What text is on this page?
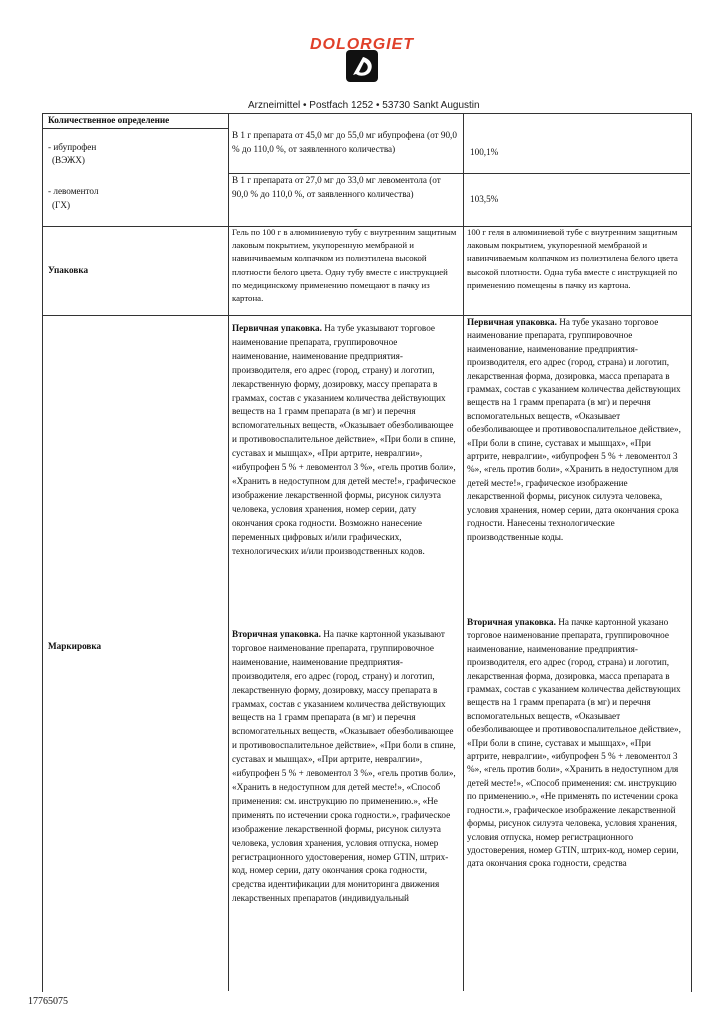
DOLORGIET
Arzneimittel • Postfach 1252 • 53730 Sankt Augustin
Количественное определение
- ибупрофен
(ВЭЖХ)
В 1 г препарата от 45,0 мг до 55,0 мг ибупрофена (от 90,0 % до 110,0 %, от заявленного количества)	100,1%
- левоментол
(ГХ)
В 1 г препарата от 27,0 мг до 33,0 мг левоментола (от 90,0 % до 110,0 %, от заявленного количества)
103,5%
Упаковка
Гель по 100 г в алюминиевую тубу с внутренним защитным лаковым покрытием, укупоренную мембраной и навинчиваемым колпачком из полиэтилена высокой плотности белого цвета. Одну тубу вместе с инструкцией по медицинскому применению помещают в пачку из картона.
100 г геля в алюминиевой тубе с внутренним защитным лаковым покрытием, укупоренной мембраной и навинчиваемым колпачком из полиэтилена белого цвета высокой плотности. Одна туба вместе с инструкцией по применению помещены в пачку из картона.
Маркировка
Первичная упаковка. На тубе указывают торговое наименование препарата, группировочное наименование, наименование предприятия-производителя, его адрес (город, страну) и логотип, лекарственную форму, дозировку, массу препарата в граммах, состав с указанием количества действующих веществ на 1 грамм препарата (в мг) и перечня вспомогательных веществ, «Оказывает обезболивающее и противовоспалительное действие», «При боли в спине, суставах и мышцах», «При артрите, невралгии», «ибупрофен 5 % + левоментол 3 %», «гель против боли», «Хранить в недоступном для детей месте!», графическое изображение лекарственной формы, рисунок силуэта человека, условия хранения, номер серии, дату окончания срока годности. Возможно нанесение переменных цифровых и/или графических, технологических и/или производственных кодов.
Вторичная упаковка. На пачке картонной указывают торговое наименование препарата, группировочное наименование, наименование предприятия-производителя, его адрес (город, страну) и логотип, лекарственную форму, дозировку, массу препарата в граммах, состав с указанием количества действующих веществ на 1 грамм препарата (в мг) и перечня вспомогательных веществ, «Оказывает обезболивающее и противовоспалительное действие», «При боли в спине, суставах и мышцах», «При артрите, невралгии», «ибупрофен 5 % + левоментол 3 %», «гель против боли», «Хранить в недоступном для детей месте!», «Способ применения: см. инструкцию по применению.», «Не применять по истечении срока годности.», графическое изображение лекарственной формы, рисунок силуэта человека, условия хранения, условия отпуска, номер регистрационного удостоверения, номер GTIN, штрих-код, номер серии, дату окончания срока годности, средства идентификации для мониторинга движения лекарственных препаратов (индивидуальный
Первичная упаковка. На тубе указано торговое наименование препарата, группировочное наименование, наименование предприятия-производителя, его адрес (город, страна) и логотип, лекарственная форма, дозировка, масса препарата в граммах, состав с указанием количества действующих веществ на 1 грамм препарата (в мг) и перечня вспомогательных веществ, «Оказывает обезболивающее и противовоспалительное действие», «При боли в спине, суставах и мышцах», «При артрите, невралгии», «ибупрофен 5 % + левоментол 3 %», «гель против боли», «Хранить в недоступном для детей месте!», графическое изображение лекарственной формы, рисунок силуэта человека, условия хранения, номер серии, дата окончания срока годности. Нанесены технологические производственные коды.
Вторичная упаковка. На пачке картонной указано торговое наименование препарата, группировочное наименование, наименование предприятия-производителя, его адрес (город, страна) и логотип, лекарственная форма, дозировка, масса препарата в граммах, состав с указанием количества действующих веществ на 1 грамм препарата (в мг) и перечня вспомогательных веществ, «Оказывает обезболивающее и противовоспалительное действие», «При боли в спине, суставах и мышцах», «При артрите, невралгии», «ибупрофен 5 % + левоментол 3 %», «гель против боли», «Хранить в недоступном для детей месте!», «Способ применения: см. инструкцию по применению.», «Не применять по истечении срока годности.», графическое изображение лекарственной формы, рисунок силуэта человека, условия хранения, условия отпуска, номер регистрационного удостоверения, номер GTIN, штрих-код, номер серии, дата окончания срока годности, средства
17765075
